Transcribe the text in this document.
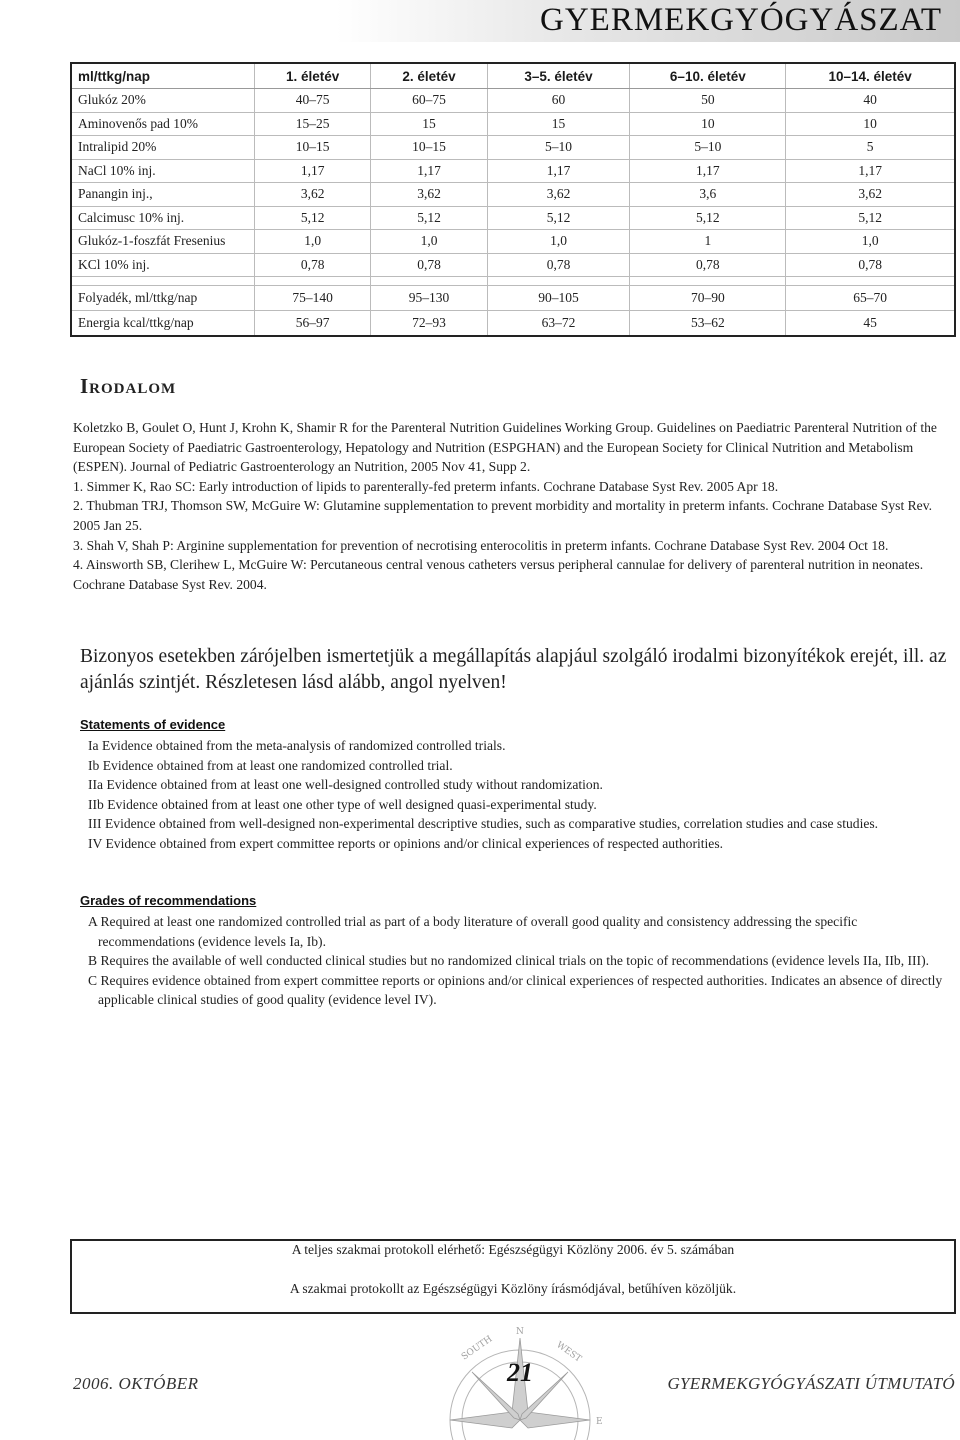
GYERMEKGYÓGYÁSZAT
ml/ttkg/nap	1. életév	2. életév	3–5. életév	6–10. életév	10–14. életév
Glukóz 20%	40–75	60–75	60	50	40
Aminovenős pad 10%	15–25	15	15	10	10
Intralipid 20%	10–15	10–15	5–10	5–10	5
NaCl 10% inj.	1,17	1,17	1,17	1,17	1,17
Panangin inj.,	3,62	3,62	3,62	3,6	3,62
Calcimusc 10% inj.	5,12	5,12	5,12	5,12	5,12
Glukóz-1-foszfát Fresenius	1,0	1,0	1,0	1	1,0
KCl 10% inj.	0,78	0,78	0,78	0,78	0,78

Folyadék, ml/ttkg/nap	75–140	95–130	90–105	70–90	65–70
Energia kcal/ttkg/nap	56–97	72–93	63–72	53–62	45
Irodalom

Koletzko B, Goulet O, Hunt J, Krohn K, Shamir R for the Parenteral Nutrition Guidelines Working Group. Guidelines on Paediatric Parenteral Nutrition of the European Society of Paediatric Gastroenterology, Hepatology and Nutrition (ESPGHAN) and the European Society for Clinical Nutrition and Metabolism (ESPEN). Journal of Pediatric Gastroenterology an Nutrition, 2005 Nov 41, Supp 2.

1. Simmer K, Rao SC: Early introduction of lipids to parenterally-fed preterm infants. Cochrane Database Syst Rev. 2005 Apr 18.

2. Thubman TRJ, Thomson SW, McGuire W: Glutamine supplementation to prevent morbidity and mortality in preterm infants. Cochrane Database Syst Rev. 2005 Jan 25.

3. Shah V, Shah P: Arginine supplementation for prevention of necrotising enterocolitis in preterm infants. Cochrane Database Syst Rev. 2004 Oct 18.

4. Ainsworth SB, Clerihew L, McGuire W: Percutaneous central venous catheters versus peripheral cannulae for delivery of parenteral nutrition in neonates. Cochrane Database Syst Rev. 2004.

Bizonyos esetekben zárójelben ismertetjük a megállapítás alapjául szolgáló irodalmi bizonyítékok erejét, ill. az ajánlás szintjét. Részletesen lásd alább, angol nyelven!
Statements of evidence

Ia Evidence obtained from the meta-analysis of randomized controlled trials.

Ib Evidence obtained from at least one randomized controlled trial.

IIa Evidence obtained from at least one well-designed controlled study without randomization.

IIb Evidence obtained from at least one other type of well designed quasi-experimental study.

III Evidence obtained from well-designed non-experimental descriptive studies, such as comparative studies, correlation studies and case studies.

IV Evidence obtained from expert committee reports or opinions and/or clinical experiences of respected authorities.

Grades of recommendations

A Required at least one randomized controlled trial as part of a body literature of overall good quality and consistency addressing the specific recommendations (evidence levels Ia, Ib).

B Requires the available of well conducted clinical studies but no randomized clinical trials on the topic of recommendations (evidence levels IIa, IIb, III).

C Requires evidence obtained from expert committee reports or opinions and/or clinical experiences of respected authorities. Indicates an absence of directly applicable clinical studies of good quality (evidence level IV).

A teljes szakmai protokoll elérhető: Egészségügyi Közlöny 2006. év 5. számában
A szakmai protokollt az Egészségügyi Közlöny írásmódjával, betűhíven közöljük.
SOUTH	WEST
N
E
2006. OKTÓBER	21	GYERMEKGYÓGYÁSZATI ÚTMUTATÓ
